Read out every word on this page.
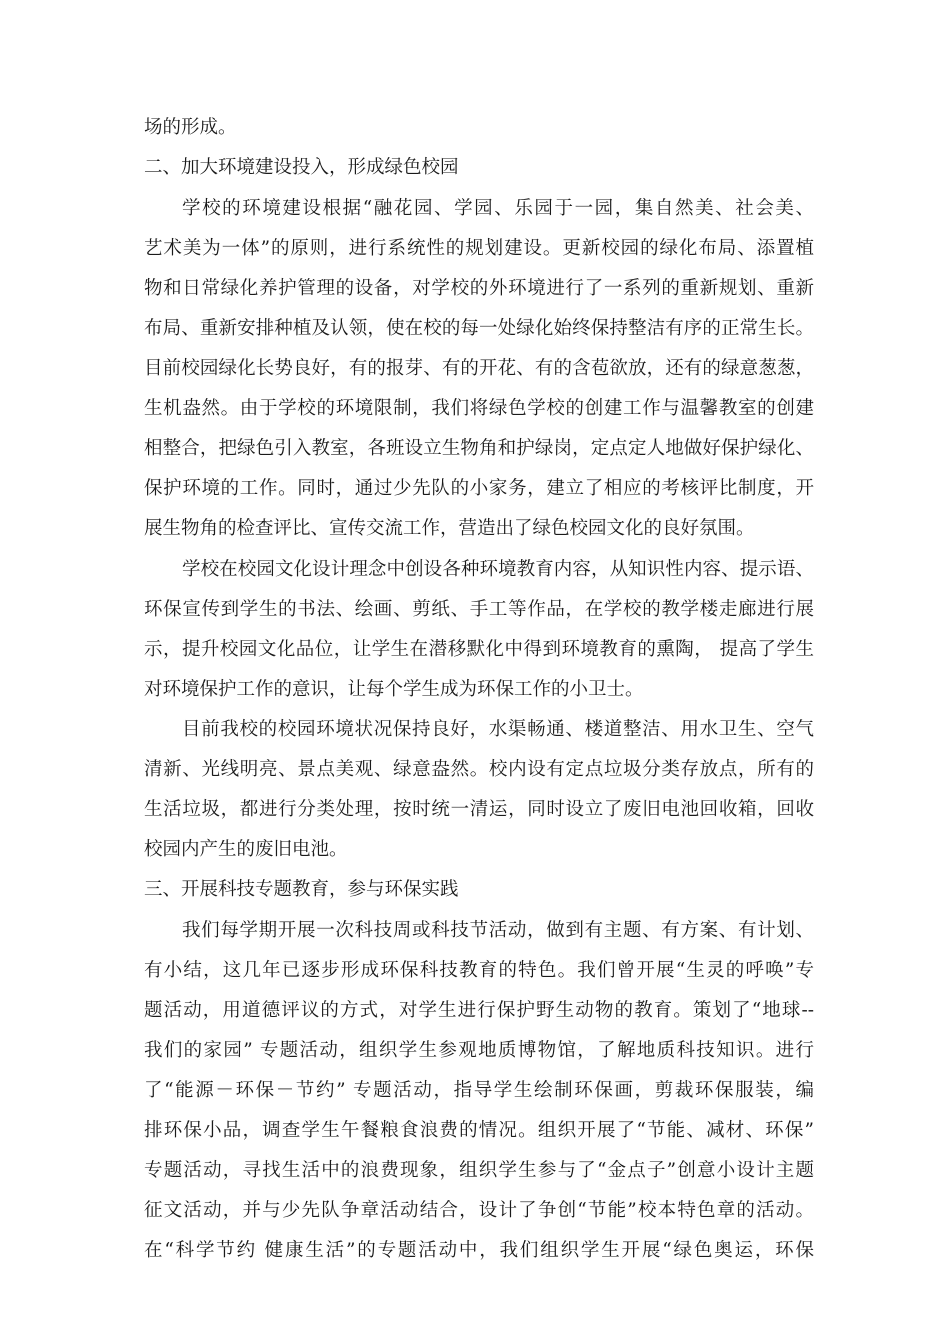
场的形成。
二、加大环境建设投入，形成绿色校园
学校的环境建设根据“融花园、学园、乐园于一园，集自然美、社会美、
艺术美为一体”的原则，进行系统性的规划建设。更新校园的绿化布局、添置植
物和日常绿化养护管理的设备，对学校的外环境进行了一系列的重新规划、重新
布局、重新安排种植及认领，使在校的每一处绿化始终保持整洁有序的正常生长。
目前校园绿化长势良好，有的报芽、有的开花、有的含苞欲放，还有的绿意葱葱，
生机盎然。由于学校的环境限制，我们将绿色学校的创建工作与温馨教室的创建
相整合，把绿色引入教室，各班设立生物角和护绿岗，定点定人地做好保护绿化、
保护环境的工作。同时，通过少先队的小家务，建立了相应的考核评比制度，开
展生物角的检查评比、宣传交流工作，营造出了绿色校园文化的良好氛围。
学校在校园文化设计理念中创设各种环境教育内容，从知识性内容、提示语、
环保宣传到学生的书法、绘画、剪纸、手工等作品，在学校的教学楼走廊进行展
示，提升校园文化品位，让学生在潜移默化中得到环境教育的熏陶， 提高了学生
对环境保护工作的意识，让每个学生成为环保工作的小卫士。
目前我校的校园环境状况保持良好，水渠畅通、楼道整洁、用水卫生、空气
清新、光线明亮、景点美观、绿意盎然。校内设有定点垃圾分类存放点，所有的
生活垃圾，都进行分类处理，按时统一清运，同时设立了废旧电池回收箱，回收
校园内产生的废旧电池。
三、开展科技专题教育，参与环保实践
我们每学期开展一次科技周或科技节活动，做到有主题、有方案、有计划、
有小结，这几年已逐步形成环保科技教育的特色。我们曾开展“生灵的呼唤”专
题活动，用道德评议的方式，对学生进行保护野生动物的教育。策划了“地球--
我们的家园” 专题活动，组织学生参观地质博物馆，了解地质科技知识。进行
了“能源－环保－节约” 专题活动，指导学生绘制环保画，剪裁环保服装，编
排环保小品，调查学生午餐粮食浪费的情况。组织开展了“节能、减材、环保”
专题活动，寻找生活中的浪费现象，组织学生参与了“金点子”创意小设计主题
征文活动，并与少先队争章活动结合，设计了争创“节能”校本特色章的活动。
在“科学节约 健康生活”的专题活动中，我们组织学生开展“绿色奥运，环保
